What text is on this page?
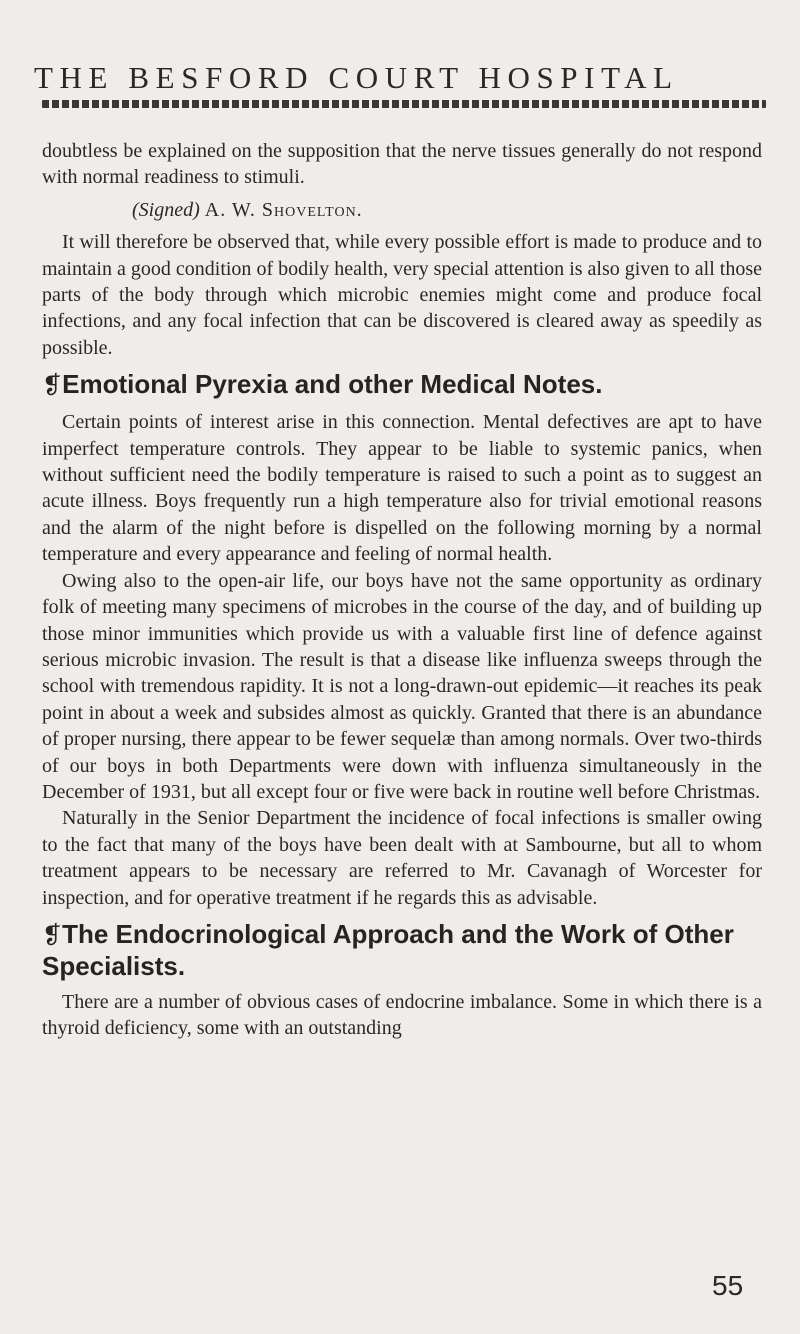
THE BESFORD COURT HOSPITAL

doubtless be explained on the supposition that the nerve tissues generally do not respond with normal readiness to stimuli.

(Signed) A. W. Shovelton.

It will therefore be observed that, while every possible effort is made to produce and to maintain a good condition of bodily health, very special attention is also given to all those parts of the body through which microbic enemies might come and produce focal infections, and any focal infection that can be discovered is cleared away as speedily as possible.

❡Emotional Pyrexia and other Medical Notes.

Certain points of interest arise in this connection. Mental defectives are apt to have imperfect temperature controls. They appear to be liable to systemic panics, when without sufficient need the bodily temperature is raised to such a point as to suggest an acute illness. Boys frequently run a high temperature also for trivial emotional reasons and the alarm of the night before is dispelled on the following morning by a normal temperature and every appearance and feeling of normal health.

Owing also to the open-air life, our boys have not the same opportunity as ordinary folk of meeting many specimens of microbes in the course of the day, and of building up those minor immunities which provide us with a valuable first line of defence against serious microbic invasion. The result is that a disease like influenza sweeps through the school with tremendous rapidity. It is not a long-drawn-out epidemic—it reaches its peak point in about a week and subsides almost as quickly. Granted that there is an abundance of proper nursing, there appear to be fewer sequelæ than among normals. Over two-thirds of our boys in both Departments were down with influenza simultaneously in the December of 1931, but all except four or five were back in routine well before Christmas.

Naturally in the Senior Department the incidence of focal infections is smaller owing to the fact that many of the boys have been dealt with at Sambourne, but all to whom treatment appears to be necessary are referred to Mr. Cavanagh of Worcester for inspection, and for operative treatment if he regards this as advisable.

❡The Endocrinological Approach and the Work of Other Specialists.

There are a number of obvious cases of endocrine imbalance. Some in which there is a thyroid deficiency, some with an outstanding

55
